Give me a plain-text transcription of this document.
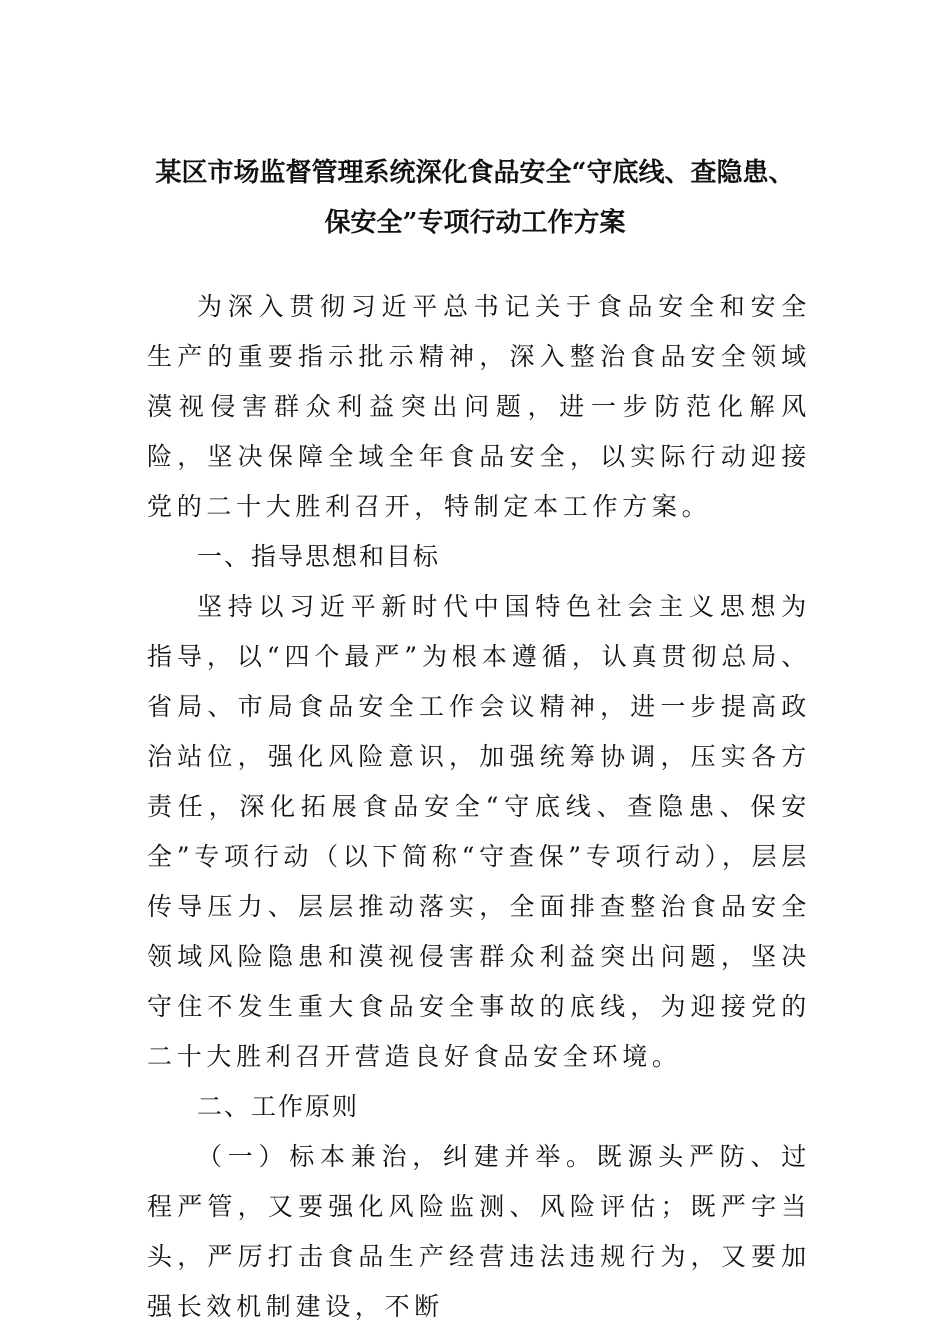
某区市场监督管理系统深化食品安全“守底线、查隐患、
保安全”专项行动工作方案

为深入贯彻习近平总书记关于食品安全和安全生产的重要指示批示精神，深入整治食品安全领域漠视侵害群众利益突出问题，进一步防范化解风险，坚决保障全域全年食品安全，以实际行动迎接党的二十大胜利召开，特制定本工作方案。

一、指导思想和目标

坚持以习近平新时代中国特色社会主义思想为指导，以“四个最严”为根本遵循，认真贯彻总局、省局、市局食品安全工作会议精神，进一步提高政治站位，强化风险意识，加强统筹协调，压实各方责任，深化拓展食品安全“守底线、查隐患、保安全”专项行动（以下简称“守查保”专项行动），层层传导压力、层层推动落实，全面排查整治食品安全领域风险隐患和漠视侵害群众利益突出问题，坚决守住不发生重大食品安全事故的底线，为迎接党的二十大胜利召开营造良好食品安全环境。

二、工作原则

（一）标本兼治，纠建并举。既源头严防、过程严管，又要强化风险监测、风险评估；既严字当头，严厉打击食品生产经营违法违规行为，又要加强长效机制建设，不断
